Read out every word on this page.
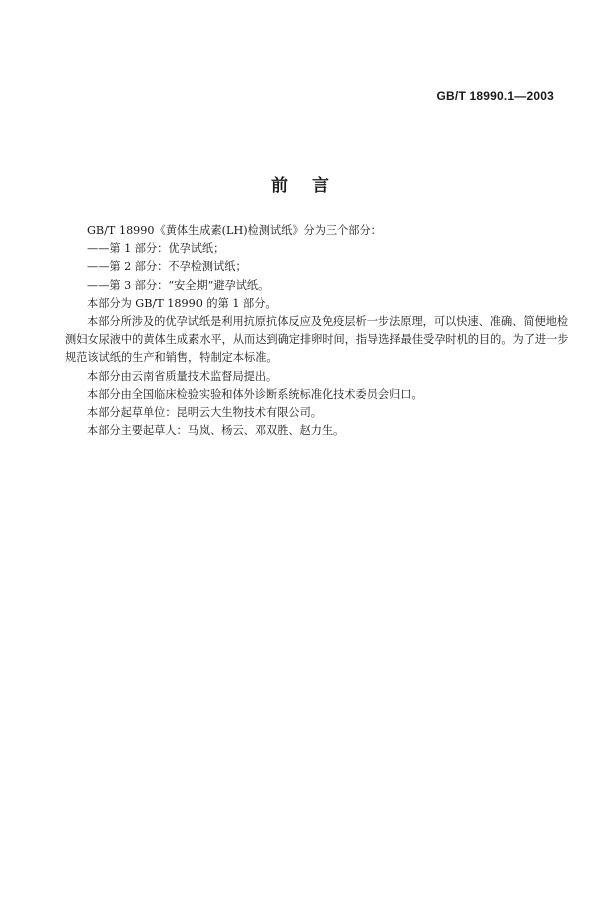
GB/T 18990.1—2003
前 言
GB/T 18990《黄体生成素(LH)检测试纸》分为三个部分：
——第 1 部分：优孕试纸；
——第 2 部分：不孕检测试纸；
——第 3 部分：“安全期”避孕试纸。
本部分为 GB/T 18990 的第 1 部分。
本部分所涉及的优孕试纸是利用抗原抗体反应及免疫层析一步法原理，可以快速、准确、简便地检
测妇女尿液中的黄体生成素水平，从而达到确定排卵时间，指导选择最佳受孕时机的目的。为了进一步
规范该试纸的生产和销售，特制定本标准。
本部分由云南省质量技术监督局提出。
本部分由全国临床检验实验和体外诊断系统标准化技术委员会归口。
本部分起草单位：昆明云大生物技术有限公司。
本部分主要起草人：马岚、杨云、邓双胜、赵力生。
